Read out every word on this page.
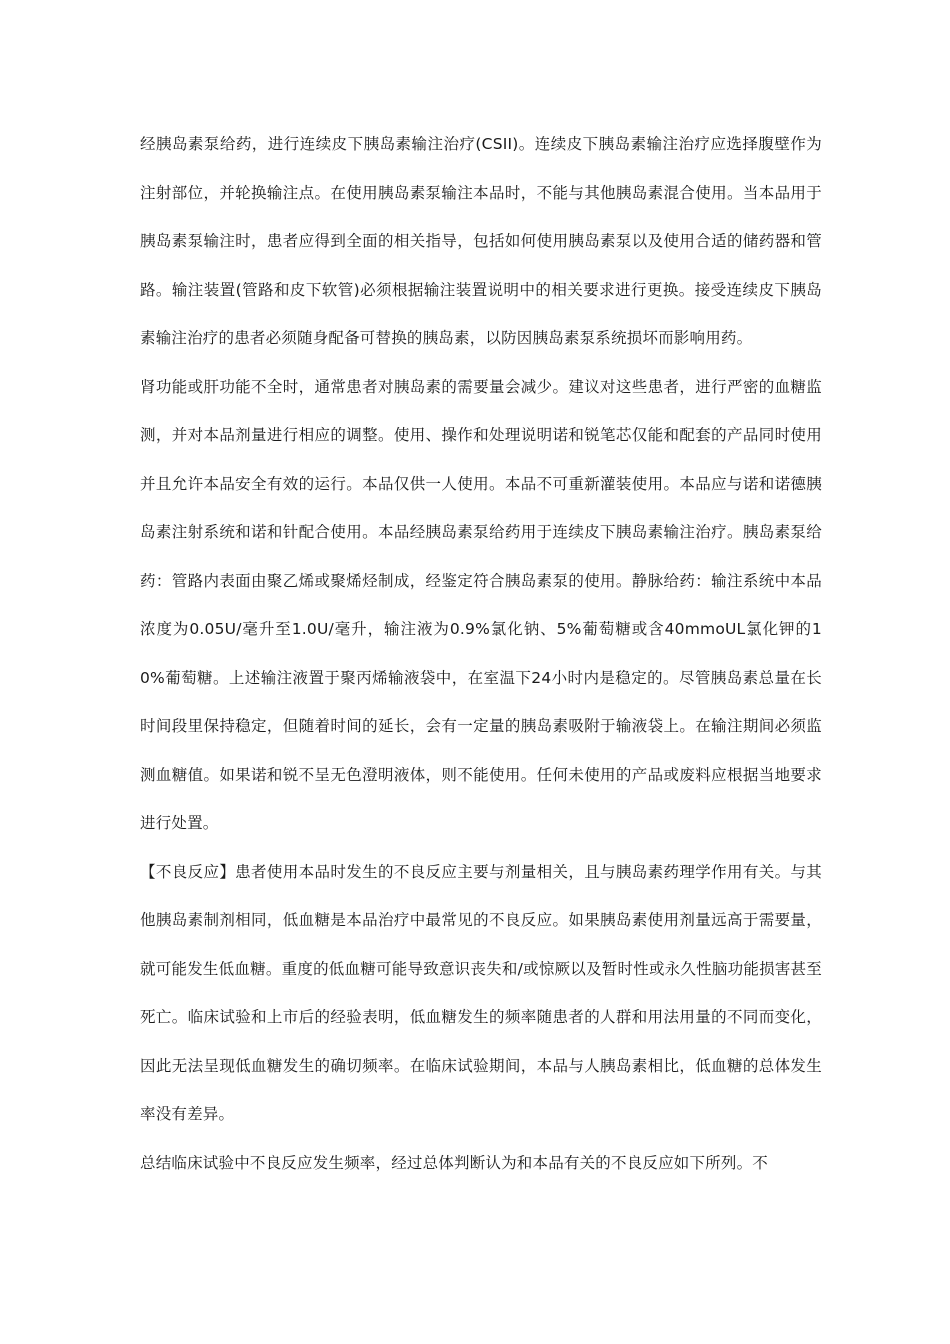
经胰岛素泵给药，进行连续皮下胰岛素输注治疗(CSII)。连续皮下胰岛素输注治疗应选择腹壁作为注射部位，并轮换输注点。在使用胰岛素泵输注本品时，不能与其他胰岛素混合使用。当本品用于胰岛素泵输注时，患者应得到全面的相关指导，包括如何使用胰岛素泵以及使用合适的储药器和管路。输注装置(管路和皮下软管)必须根据输注装置说明中的相关要求进行更换。接受连续皮下胰岛素输注治疗的患者必须随身配备可替换的胰岛素，以防因胰岛素泵系统损坏而影响用药。

肾功能或肝功能不全时，通常患者对胰岛素的需要量会减少。建议对这些患者，进行严密的血糖监测，并对本品剂量进行相应的调整。使用、操作和处理说明诺和锐笔芯仅能和配套的产品同时使用并且允许本品安全有效的运行。本品仅供一人使用。本品不可重新灌装使用。本品应与诺和诺德胰岛素注射系统和诺和针配合使用。本品经胰岛素泵给药用于连续皮下胰岛素输注治疗。胰岛素泵给药：管路内表面由聚乙烯或聚烯烃制成，经鉴定符合胰岛素泵的使用。静脉给药：输注系统中本品浓度为0.05U/毫升至1.0U/毫升，输注液为0.9%氯化钠、5%葡萄糖或含40mmoUL氯化钾的10%葡萄糖。上述输注液置于聚丙烯输液袋中，在室温下24小时内是稳定的。尽管胰岛素总量在长时间段里保持稳定，但随着时间的延长，会有一定量的胰岛素吸附于输液袋上。在输注期间必须监测血糖值。如果诺和锐不呈无色澄明液体，则不能使用。任何未使用的产品或废料应根据当地要求进行处置。

【不良反应】患者使用本品时发生的不良反应主要与剂量相关，且与胰岛素药理学作用有关。与其他胰岛素制剂相同，低血糖是本品治疗中最常见的不良反应。如果胰岛素使用剂量远高于需要量，就可能发生低血糖。重度的低血糖可能导致意识丧失和/或惊厥以及暂时性或永久性脑功能损害甚至死亡。临床试验和上市后的经验表明，低血糖发生的频率随患者的人群和用法用量的不同而变化，因此无法呈现低血糖发生的确切频率。在临床试验期间，本品与人胰岛素相比，低血糖的总体发生率没有差异。

总结临床试验中不良反应发生频率，经过总体判断认为和本品有关的不良反应如下所列。不
